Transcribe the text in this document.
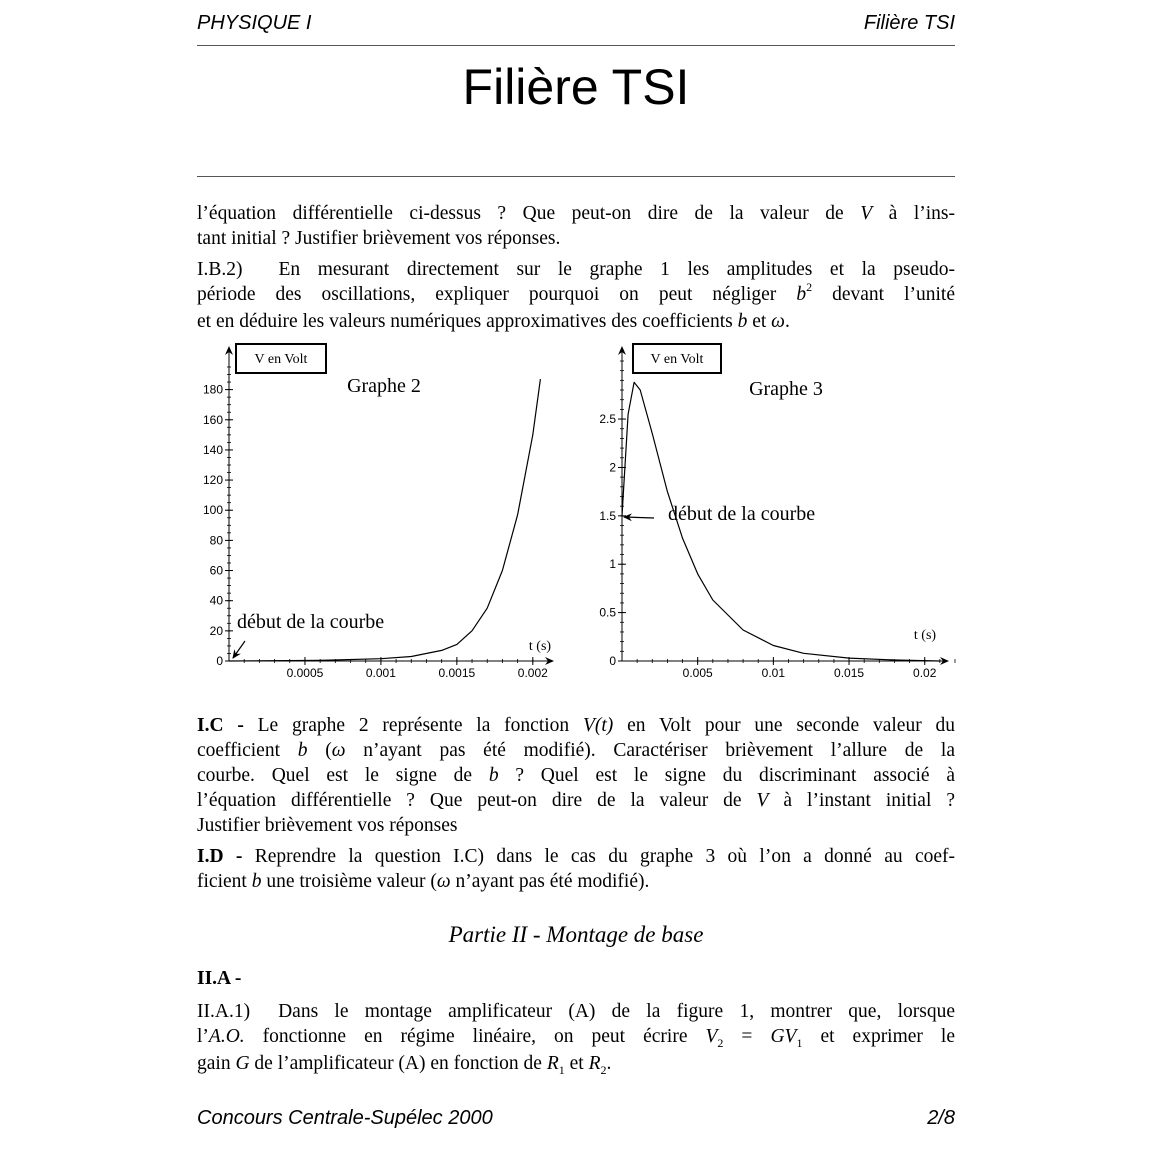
PHYSIQUE I	Filière TSI
Filière TSI
l’équation différentielle ci-dessus ? Que peut-on dire de la valeur de V à l’ins-
tant initial ? Justifier brièvement vos réponses.
I.B.2) En mesurant directement sur le graphe 1 les amplitudes et la pseudo-
période des oscillations, expliquer pourquoi on peut négliger $b^2$ devant l’unité
et en déduire les valeurs numériques approximatives des coefficients b et ω.
0.0005	0.001	0.0015	0.002
0
20
40
60
80
100
120
140
160
180
V en Volt
Graphe 2
t (s)
début de la courbe
0.005	0.01	0.015	0.02
0
0.5
1
1.5
2
2.5
V en Volt
Graphe 3
t (s)
début de la courbe
I.C - Le graphe 2 représente la fonction V(t) en Volt pour une seconde valeur du
coefficient b (ω n’ayant pas été modifié). Caractériser brièvement l’allure de la
courbe. Quel est le signe de b ? Quel est le signe du discriminant associé à
l’équation différentielle ? Que peut-on dire de la valeur de V à l’instant initial ?
Justifier brièvement vos réponses
I.D - Reprendre la question I.C) dans le cas du graphe 3 où l’on a donné au coef-
ficient b une troisième valeur (ω n’ayant pas été modifié).
Partie II - Montage de base
II.A -
II.A.1) Dans le montage amplificateur (A) de la figure 1, montrer que, lorsque
l’A.O. fonctionne en régime linéaire, on peut écrire $V_2 = GV_1$ et exprimer le
gain G de l’amplificateur (A) en fonction de $R_1$ et $R_2$.
Concours Centrale-Supélec 2000	2/8
